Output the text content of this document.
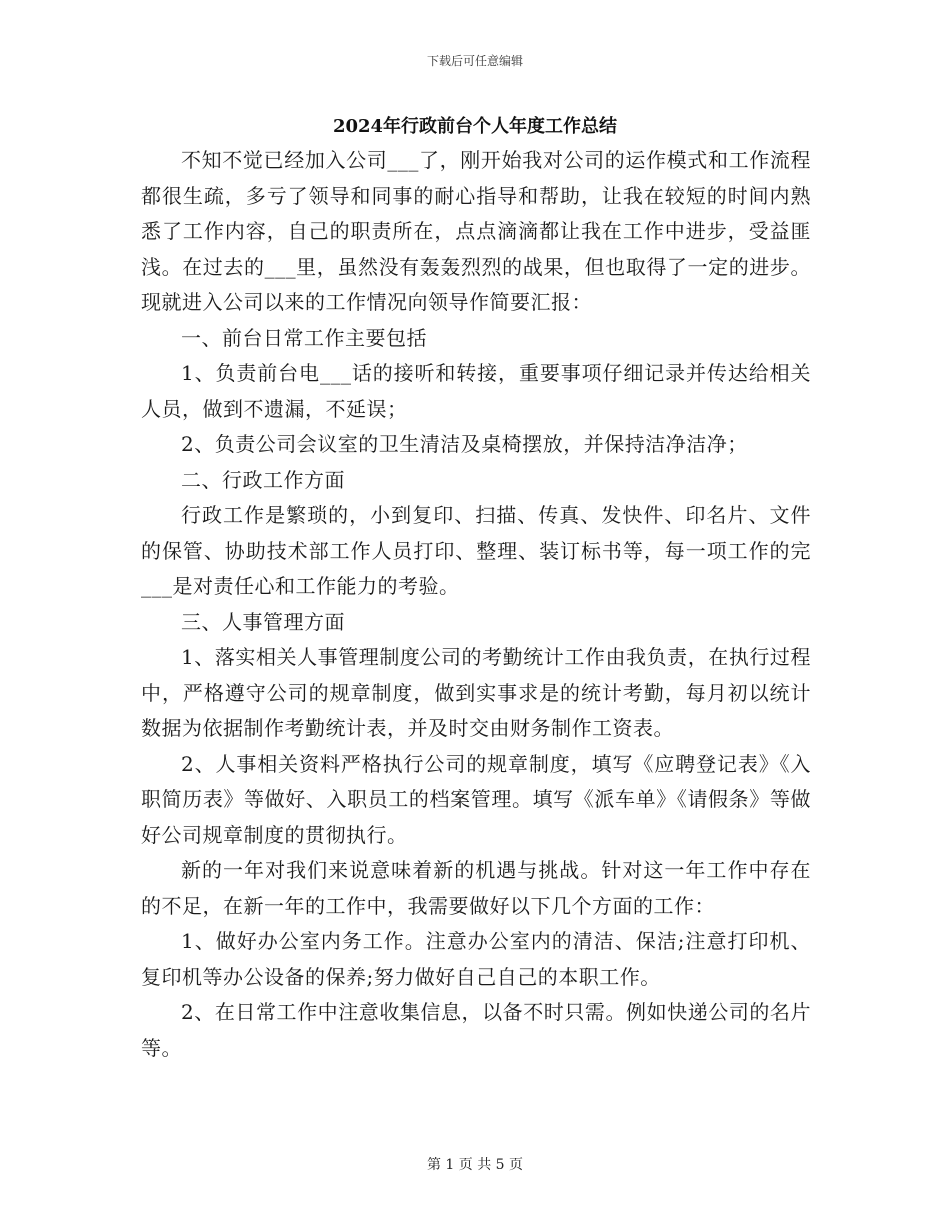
下载后可任意编辑
2024年行政前台个人年度工作总结

不知不觉已经加入公司___了，刚开始我对公司的运作模式和工作流程都很生疏，多亏了领导和同事的耐心指导和帮助，让我在较短的时间内熟悉了工作内容，自己的职责所在，点点滴滴都让我在工作中进步，受益匪浅。在过去的___里，虽然没有轰轰烈烈的战果，但也取得了一定的进步。现就进入公司以来的工作情况向领导作简要汇报：

一、前台日常工作主要包括

1、负责前台电___话的接听和转接，重要事项仔细记录并传达给相关人员，做到不遗漏，不延误；

2、负责公司会议室的卫生清洁及桌椅摆放，并保持洁净洁净；

二、行政工作方面

行政工作是繁琐的，小到复印、扫描、传真、发快件、印名片、文件的保管、协助技术部工作人员打印、整理、装订标书等，每一项工作的完___是对责任心和工作能力的考验。

三、人事管理方面

1、落实相关人事管理制度公司的考勤统计工作由我负责，在执行过程中，严格遵守公司的规章制度，做到实事求是的统计考勤，每月初以统计数据为依据制作考勤统计表，并及时交由财务制作工资表。

2、人事相关资料严格执行公司的规章制度，填写《应聘登记表》《入职简历表》等做好、入职员工的档案管理。填写《派车单》《请假条》等做好公司规章制度的贯彻执行。

新的一年对我们来说意味着新的机遇与挑战。针对这一年工作中存在的不足，在新一年的工作中，我需要做好以下几个方面的工作：

1、做好办公室内务工作。注意办公室内的清洁、保洁;注意打印机、复印机等办公设备的保养;努力做好自己自己的本职工作。

2、在日常工作中注意收集信息，以备不时只需。例如快递公司的名片等。

第 1 页 共 5 页
